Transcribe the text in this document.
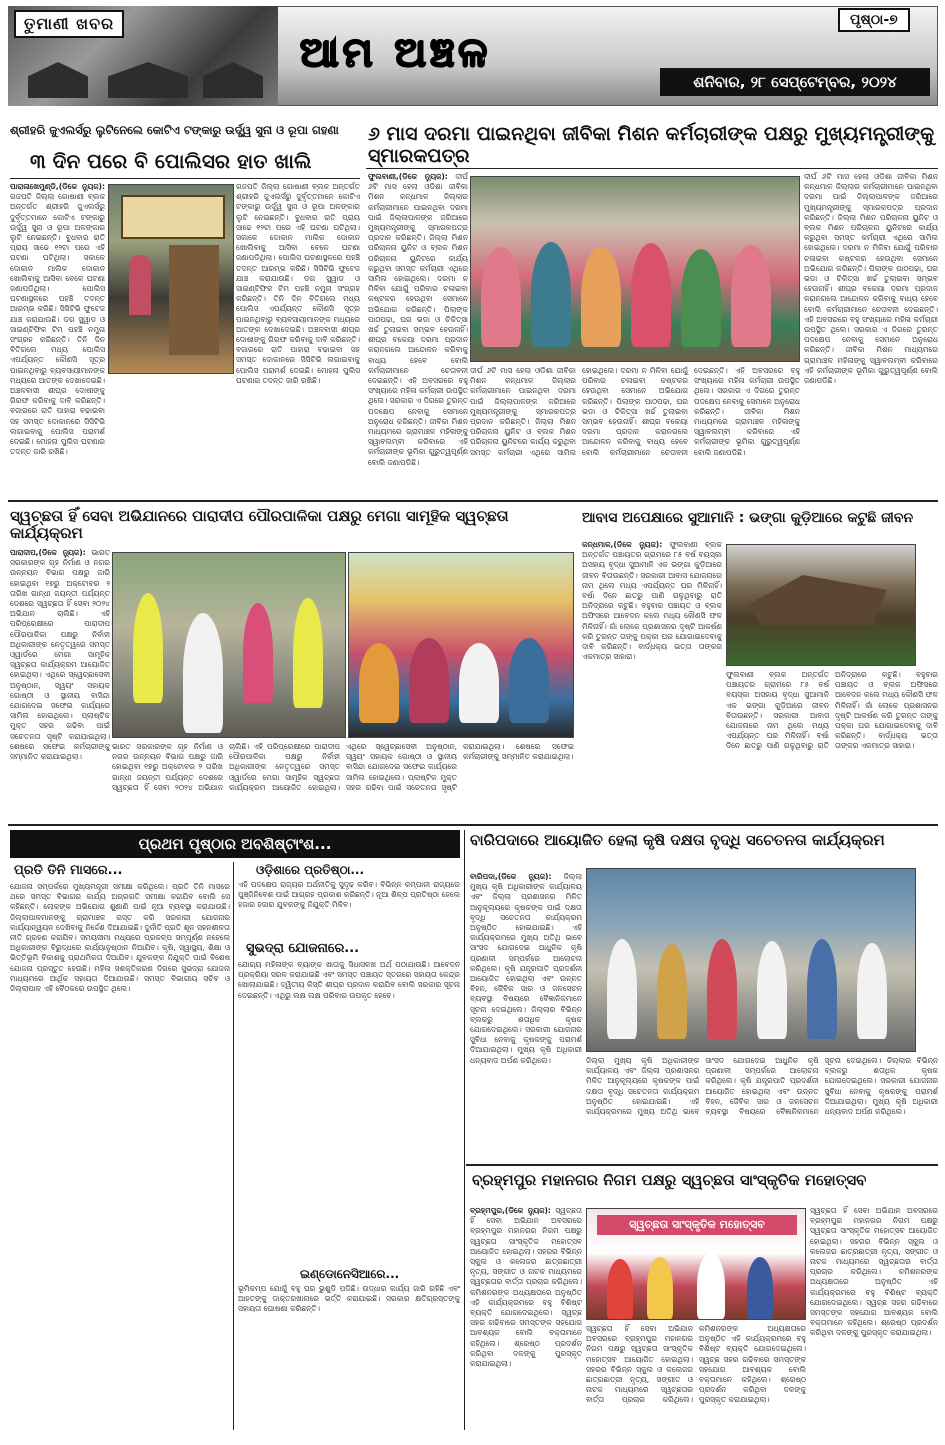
ତୁମାଣୀ ଖବର
ଆମ ଅଞ୍ଚଳ
ପୃଷ୍ଠା-୭
ଶନିବାର, ୨୮ ସେପ୍ଟେମ୍ବର, ୨୦୨୪
ଶ୍ରୀହରି ଜୁଏଲର୍ସରୁ ଲୁଟିନେଲେ କୋଟିଏ ଟଙ୍କାରୁ ଉର୍ଦ୍ଧ୍ୱ ସୁନା ଓ ରୂପା ଗହଣା
୩ ଦିନ ପରେ ବି ପୋଲିସର ହାତ ଖାଲି
ପାରାଳାଖେମୁଣ୍ଡି,(ଡିକେ ନ୍ୟୁଜ): ଗଜପତି ଜିଲ୍ଲା ଗୋଷାଣୀ ବ୍ଲକ ଅନ୍ତର୍ଗତ ଶ୍ରୀହରି ଜୁଏଲର୍ସରୁ ଦୁର୍ବୃତ୍ତମାନେ କୋଟିଏ ଟଙ୍କାରୁ ଉର୍ଦ୍ଧ୍ୱ ସୁନା ଓ ରୂପା ଅଳଙ୍କାର ଲୁଟି ନେଇଛନ୍ତି। ବୁଧବାର ରାତି ପ୍ରାୟ ସାଢେ ୧୨ଟା ପରେ ଏହି ଘଟଣା ଘଟିଥିଲା। ସକାଳେ ଦୋକାନ ମାଲିକ ଦୋକାନ ଖୋଲିବାକୁ ଆସିବା ବେଳେ ଘଟଣା ଜଣାପଡିଥିଲା। ପୋଲିସ ଘଟଣାସ୍ଥଳରେ ପହଞ୍ଚି ତଦନ୍ତ ଆରମ୍ଭ କରିଛି। ସିସିଟିଭି ଫୁଟେଜ ଯାଞ୍ଚ କରାଯାଉଛି। ଡଗ ସ୍କ୍ୱାଡ ଓ ସାଇଣ୍ଟିଫିକ ଟିମ ପହଞ୍ଚି ନମୁନା ସଂଗ୍ରହ କରିଛନ୍ତି। ତିନି ଦିନ ବିତିଗଲେ ମଧ୍ୟ ପୋଲିସ ଏପର୍ଯ୍ୟନ୍ତ କୌଣସି ସୂତ୍ର ପାଇନଥିବାରୁ ବ୍ୟବସାୟୀମାନଙ୍କ ମଧ୍ୟରେ ଆତଙ୍କ ଦେଖାଦେଇଛି। ଅଞ୍ଚଳବାସୀ ଶୀଘ୍ର ଦୋଷୀଙ୍କୁ ଗିରଫ କରିବାକୁ ଦାବି କରିଛନ୍ତି। ବଜାରରେ ରାତି ପାହାରା ବଢାଇବା ସହ ସମସ୍ତ ଦୋକାନରେ ସିସିଟିଭି ଲଗାଇବାକୁ ପୋଲିସ ପରାମର୍ଶ ଦେଇଛି। ମୋହନା ପୁଲିସ ଘଟଣାର ତଦନ୍ତ ଜାରି ରଖିଛି।
ଗଜପତି ଜିଲ୍ଲା ଗୋଷାଣୀ ବ୍ଲକ ଅନ୍ତର୍ଗତ ଶ୍ରୀହରି ଜୁଏଲର୍ସରୁ ଦୁର୍ବୃତ୍ତମାନେ କୋଟିଏ ଟଙ୍କାରୁ ଉର୍ଦ୍ଧ୍ୱ ସୁନା ଓ ରୂପା ଅଳଙ୍କାର ଲୁଟି ନେଇଛନ୍ତି। ବୁଧବାର ରାତି ପ୍ରାୟ ସାଢେ ୧୨ଟା ପରେ ଏହି ଘଟଣା ଘଟିଥିଲା। ସକାଳେ ଦୋକାନ ମାଲିକ ଦୋକାନ ଖୋଲିବାକୁ ଆସିବା ବେଳେ ଘଟଣା ଜଣାପଡିଥିଲା। ପୋଲିସ ଘଟଣାସ୍ଥଳରେ ପହଞ୍ଚି ତଦନ୍ତ ଆରମ୍ଭ କରିଛି। ସିସିଟିଭି ଫୁଟେଜ ଯାଞ୍ଚ କରାଯାଉଛି। ଡଗ ସ୍କ୍ୱାଡ ଓ ସାଇଣ୍ଟିଫିକ ଟିମ ପହଞ୍ଚି ନମୁନା ସଂଗ୍ରହ କରିଛନ୍ତି। ତିନି ଦିନ ବିତିଗଲେ ମଧ୍ୟ ପୋଲିସ ଏପର୍ଯ୍ୟନ୍ତ କୌଣସି ସୂତ୍ର ପାଇନଥିବାରୁ ବ୍ୟବସାୟୀମାନଙ୍କ ମଧ୍ୟରେ ଆତଙ୍କ ଦେଖାଦେଇଛି। ଅଞ୍ଚଳବାସୀ ଶୀଘ୍ର ଦୋଷୀଙ୍କୁ ଗିରଫ କରିବାକୁ ଦାବି କରିଛନ୍ତି। ବଜାରରେ ରାତି ପାହାରା ବଢାଇବା ସହ ସମସ୍ତ ଦୋକାନରେ ସିସିଟିଭି ଲଗାଇବାକୁ ପୋଲିସ ପରାମର୍ଶ ଦେଇଛି। ମୋହନା ପୁଲିସ ଘଟଣାର ତଦନ୍ତ ଜାରି ରଖିଛି।
୬ ମାସ ଦରମା ପାଇନଥିବା ଜୀବିକା ମିଶନ କର୍ମଚାରୀଙ୍କ ପକ୍ଷରୁ ମୁଖ୍ୟମନ୍ତ୍ରୀଙ୍କୁ ସ୍ମାରକପତ୍ର
ଫୁଲବାଣୀ,(ଡିକେ ନ୍ୟୁଜ): ଦୀର୍ଘ ୬ଟି ମାସ ହେଲା ଓଡିଶା ଜୀବିକା ମିଶନ କନ୍ଧମାଳ ଜିଲ୍ଲାର କର୍ମଚାରୀମାନେ ପାଇନଥିବା ଦରମା ପାଇଁ ଜିଲ୍ଲାପାଳଙ୍କ ଜରିଆରେ ମୁଖ୍ୟମନ୍ତ୍ରୀଙ୍କୁ ସ୍ମାରକପତ୍ର ପ୍ରଦାନ କରିଛନ୍ତି। ଜିଲ୍ଲା ମିଶନ ପରିଚାଳନା ୟୁନିଟ ଓ ବ୍ଲକ ମିଶନ ପରିଚାଳନା ୟୁନିଟରେ କାର୍ଯ୍ୟ କରୁଥିବା ସମସ୍ତ କର୍ମଚାରୀ ଏଥିରେ ସାମିଲ ହୋଇଥିଲେ। ଦରମା ନ ମିଳିବା ଯୋଗୁଁ ପରିବାର ଚଳାଇବା କଷ୍ଟକର ହେଉଥିବା ସେମାନେ ଅଭିଯୋଗ କରିଛନ୍ତି। ପିଲାଙ୍କ ପାଠପଢା, ଘର ଭଡା ଓ ଚିକିତ୍ସା ଖର୍ଚ୍ଚ ତୁଲାଇବା ସମ୍ଭବ ହେଉନାହିଁ। ଶୀଘ୍ର ବକେୟା ଦରମା ପ୍ରଦାନ କରାନଗଲେ ଆନ୍ଦୋଳନ କରିବାକୁ ବାଧ୍ୟ ହେବେ ବୋଲି କର୍ମଚାରୀମାନେ ଚେତାବନୀ ଦେଇଛନ୍ତି। ଏହି ଅବସରରେ ବହୁ ସଂଖ୍ୟାରେ ମହିଳା କର୍ମଚାରୀ ଉପସ୍ଥିତ ଥିଲେ। ସରକାର ଏ ଦିଗରେ ତୁରନ୍ତ ପଦକ୍ଷେପ ନେବାକୁ ସେମାନେ ଅନୁରୋଧ କରିଛନ୍ତି। ଜୀବିକା ମିଶନ ମାଧ୍ୟମରେ ଗ୍ରାମାଞ୍ଚଳ ମହିଳାଙ୍କୁ ସ୍ୱାବଲମ୍ବୀ କରିବାରେ ଏହି କର୍ମଚାରୀଙ୍କ ଭୂମିକା ଗୁରୁତ୍ୱପୂର୍ଣ୍ଣ ବୋଲି ଜଣାପଡିଛି।
ଦୀର୍ଘ ୬ଟି ମାସ ହେଲା ଓଡିଶା ଜୀବିକା ମିଶନ କନ୍ଧମାଳ ଜିଲ୍ଲାର କର୍ମଚାରୀମାନେ ପାଇନଥିବା ଦରମା ପାଇଁ ଜିଲ୍ଲାପାଳଙ୍କ ଜରିଆରେ ମୁଖ୍ୟମନ୍ତ୍ରୀଙ୍କୁ ସ୍ମାରକପତ୍ର ପ୍ରଦାନ କରିଛନ୍ତି। ଜିଲ୍ଲା ମିଶନ ପରିଚାଳନା ୟୁନିଟ ଓ ବ୍ଲକ ମିଶନ ପରିଚାଳନା ୟୁନିଟରେ କାର୍ଯ୍ୟ କରୁଥିବା ସମସ୍ତ କର୍ମଚାରୀ ଏଥିରେ ସାମିଲ ହୋଇଥିଲେ। ଦରମା ନ ମିଳିବା ଯୋଗୁଁ ପରିବାର ଚଳାଇବା କଷ୍ଟକର ହେଉଥିବା ସେମାନେ ଅଭିଯୋଗ କରିଛନ୍ତି। ପିଲାଙ୍କ ପାଠପଢା, ଘର ଭଡା ଓ ଚିକିତ୍ସା ଖର୍ଚ୍ଚ ତୁଲାଇବା ସମ୍ଭବ ହେଉନାହିଁ। ଶୀଘ୍ର ବକେୟା ଦରମା ପ୍ରଦାନ କରାନଗଲେ ଆନ୍ଦୋଳନ କରିବାକୁ ବାଧ୍ୟ ହେବେ ବୋଲି କର୍ମଚାରୀମାନେ ଚେତାବନୀ ଦେଇଛନ୍ତି। ଏହି ଅବସରରେ ବହୁ ସଂଖ୍ୟାରେ ମହିଳା କର୍ମଚାରୀ ଉପସ୍ଥିତ ଥିଲେ। ସରକାର ଏ ଦିଗରେ ତୁରନ୍ତ ପଦକ୍ଷେପ ନେବାକୁ ସେମାନେ ଅନୁରୋଧ କରିଛନ୍ତି। ଜୀବିକା ମିଶନ ମାଧ୍ୟମରେ ଗ୍ରାମାଞ୍ଚଳ ମହିଳାଙ୍କୁ ସ୍ୱାବଲମ୍ବୀ କରିବାରେ ଏହି କର୍ମଚାରୀଙ୍କ ଭୂମିକା ଗୁରୁତ୍ୱପୂର୍ଣ୍ଣ ବୋଲି ଜଣାପଡିଛି।
ଦୀର୍ଘ ୬ଟି ମାସ ହେଲା ଓଡିଶା ଜୀବିକା ମିଶନ କନ୍ଧମାଳ ଜିଲ୍ଲାର କର୍ମଚାରୀମାନେ ପାଇନଥିବା ଦରମା ପାଇଁ ଜିଲ୍ଲାପାଳଙ୍କ ଜରିଆରେ ମୁଖ୍ୟମନ୍ତ୍ରୀଙ୍କୁ ସ୍ମାରକପତ୍ର ପ୍ରଦାନ କରିଛନ୍ତି। ଜିଲ୍ଲା ମିଶନ ପରିଚାଳନା ୟୁନିଟ ଓ ବ୍ଲକ ମିଶନ ପରିଚାଳନା ୟୁନିଟରେ କାର୍ଯ୍ୟ କରୁଥିବା ସମସ୍ତ କର୍ମଚାରୀ ଏଥିରେ ସାମିଲ ହୋଇଥିଲେ। ଦରମା ନ ମିଳିବା ଯୋଗୁଁ ପରିବାର ଚଳାଇବା କଷ୍ଟକର ହେଉଥିବା ସେମାନେ ଅଭିଯୋଗ କରିଛନ୍ତି। ପିଲାଙ୍କ ପାଠପଢା, ଘର ଭଡା ଓ ଚିକିତ୍ସା ଖର୍ଚ୍ଚ ତୁଲାଇବା ସମ୍ଭବ ହେଉନାହିଁ। ଶୀଘ୍ର ବକେୟା ଦରମା ପ୍ରଦାନ କରାନଗଲେ ଆନ୍ଦୋଳନ କରିବାକୁ ବାଧ୍ୟ ହେବେ ବୋଲି କର୍ମଚାରୀମାନେ ଚେତାବନୀ ଦେଇଛନ୍ତି। ଏହି ଅବସରରେ ବହୁ ସଂଖ୍ୟାରେ ମହିଳା କର୍ମଚାରୀ ଉପସ୍ଥିତ ଥିଲେ। ସରକାର ଏ ଦିଗରେ ତୁରନ୍ତ ପଦକ୍ଷେପ ନେବାକୁ ସେମାନେ ଅନୁରୋଧ କରିଛନ୍ତି। ଜୀବିକା ମିଶନ ମାଧ୍ୟମରେ ଗ୍ରାମାଞ୍ଚଳ ମହିଳାଙ୍କୁ ସ୍ୱାବଲମ୍ବୀ କରିବାରେ ଏହି କର୍ମଚାରୀଙ୍କ ଭୂମିକା ଗୁରୁତ୍ୱପୂର୍ଣ୍ଣ ବୋଲି ଜଣାପଡିଛି।
ସ୍ୱଚ୍ଛତା ହିଁ ସେବା ଅଭିଯାନରେ ପାରାଦୀପ ପୌରପାଳିକା ପକ୍ଷରୁ ମେଗା ସାମୂହିକ ସ୍ୱଚ୍ଛତା କାର୍ଯ୍ୟକ୍ରମ
ପାରାଦୀପ,(ଡିକେ ନ୍ୟୁଜ): ଭାରତ ସରକାରଙ୍କ ଗୃହ ନିର୍ମାଣ ଓ ନଗର ଉନ୍ନୟନ ବିଭାଗ ପକ୍ଷରୁ ଜାରି ହୋଇଥିବା ୧୭ରୁ ଅକ୍ଟୋବର ୨ ତାରିଖ ଗାନ୍ଧୀ ଜୟନ୍ତୀ ପର୍ଯ୍ୟନ୍ତ ଦେଶରେ ସ୍ୱଚ୍ଛତା ହିଁ ସେବା ୨୦୨୪ ଅଭିଯାନ ଚାଲିଛି। ଏହି ପରିପ୍ରେକ୍ଷୀରେ ପାରାଦୀପ ପୌରପାଳିକା ପକ୍ଷରୁ ନିର୍ବାହୀ ଅଧିକାରୀଙ୍କ ନେତୃତ୍ୱରେ ସମସ୍ତ ଓ୍ୱାର୍ଡରେ ମେଗା ସାମୂହିକ ସ୍ୱଚ୍ଛତା କାର୍ଯ୍ୟକ୍ରମ ଆୟୋଜିତ ହୋଇଥିଲା। ଏଥିରେ ସ୍ୱେଚ୍ଛାସେବୀ ଅନୁଷ୍ଠାନ, ସ୍ୱୟଂ ସହାୟକ ଗୋଷ୍ଠୀ ଓ ସ୍ଥାନୀୟ ବାସିନ୍ଦା ଯୋଗଦେଇ ସଫେଇ କାର୍ଯ୍ୟରେ ସାମିଲ ହୋଇଥିଲେ। ପ୍ଲାଷ୍ଟିକ ମୁକ୍ତ ସହର ଗଢିବା ପାଇଁ ସଚେତନତା ସୃଷ୍ଟି କରାଯାଇଥିଲା। ଶେଷରେ ସଫେଇ କର୍ମଚାରୀଙ୍କୁ ସମ୍ମାନିତ କରାଯାଇଥିଲା।
ଭାରତ ସରକାରଙ୍କ ଗୃହ ନିର୍ମାଣ ଓ ନଗର ଉନ୍ନୟନ ବିଭାଗ ପକ୍ଷରୁ ଜାରି ହୋଇଥିବା ୧୭ରୁ ଅକ୍ଟୋବର ୨ ତାରିଖ ଗାନ୍ଧୀ ଜୟନ୍ତୀ ପର୍ଯ୍ୟନ୍ତ ଦେଶରେ ସ୍ୱଚ୍ଛତା ହିଁ ସେବା ୨୦୨୪ ଅଭିଯାନ ଚାଲିଛି। ଏହି ପରିପ୍ରେକ୍ଷୀରେ ପାରାଦୀପ ପୌରପାଳିକା ପକ୍ଷରୁ ନିର୍ବାହୀ ଅଧିକାରୀଙ୍କ ନେତୃତ୍ୱରେ ସମସ୍ତ ଓ୍ୱାର୍ଡରେ ମେଗା ସାମୂହିକ ସ୍ୱଚ୍ଛତା କାର୍ଯ୍ୟକ୍ରମ ଆୟୋଜିତ ହୋଇଥିଲା। ଏଥିରେ ସ୍ୱେଚ୍ଛାସେବୀ ଅନୁଷ୍ଠାନ, ସ୍ୱୟଂ ସହାୟକ ଗୋଷ୍ଠୀ ଓ ସ୍ଥାନୀୟ ବାସିନ୍ଦା ଯୋଗଦେଇ ସଫେଇ କାର୍ଯ୍ୟରେ ସାମିଲ ହୋଇଥିଲେ। ପ୍ଲାଷ୍ଟିକ ମୁକ୍ତ ସହର ଗଢିବା ପାଇଁ ସଚେତନତା ସୃଷ୍ଟି କରାଯାଇଥିଲା। ଶେଷରେ ସଫେଇ କର୍ମଚାରୀଙ୍କୁ ସମ୍ମାନିତ କରାଯାଇଥିଲା।
ଆବାସ ଅପେକ୍ଷାରେ ସୁଆମାନି : ଭଙ୍ଗା କୁଡ଼ିଆରେ କଟୁଛି ଜୀବନ
କନ୍ଧମାଳ,(ଡିକେ ନ୍ୟୁଜ): ଫୁଲବାଣୀ ବ୍ଲକ ଅନ୍ତର୍ଗତ ପଞ୍ଚାୟତର ଗ୍ରାମରେ ୮୫ ବର୍ଷ ବୟସ୍କା ଅସହାୟ ବୃଦ୍ଧା ସୁଆମାନି ଏକ ଭଙ୍ଗା କୁଡ଼ିଆରେ ଜୀବନ ବିତାଉଛନ୍ତି। ସରକାରୀ ଆବାସ ଯୋଜନାରେ ନାମ ଥିଲେ ମଧ୍ୟ ଏପର୍ଯ୍ୟନ୍ତ ଘର ମିଳିନାହିଁ। ବର୍ଷା ଦିନେ ଛାତରୁ ପାଣି ଗଳୁଥିବାରୁ ରାତି ଅନିଦ୍ରାରେ କଟୁଛି। ବହୁବାର ପଞ୍ଚାୟତ ଓ ବ୍ଲକ ଅଫିସରେ ଆବେଦନ କଲେ ମଧ୍ୟ କୌଣସି ଫଳ ମିଳିନାହିଁ। ଗାଁ ଲୋକେ ପ୍ରଶାସନର ଦୃଷ୍ଟି ଆକର୍ଷଣ କରି ତୁରନ୍ତ ତାଙ୍କୁ ପକ୍କା ଘର ଯୋଗାଇଦେବାକୁ ଦାବି କରିଛନ୍ତି। ବାର୍ଦ୍ଧକ୍ୟ ଭତ୍ତା ତାଙ୍କର ଏକମାତ୍ର ସାହାରା।
ଫୁଲବାଣୀ ବ୍ଲକ ଅନ୍ତର୍ଗତ ପଞ୍ଚାୟତର ଗ୍ରାମରେ ୮୫ ବର୍ଷ ବୟସ୍କା ଅସହାୟ ବୃଦ୍ଧା ସୁଆମାନି ଏକ ଭଙ୍ଗା କୁଡ଼ିଆରେ ଜୀବନ ବିତାଉଛନ୍ତି। ସରକାରୀ ଆବାସ ଯୋଜନାରେ ନାମ ଥିଲେ ମଧ୍ୟ ଏପର୍ଯ୍ୟନ୍ତ ଘର ମିଳିନାହିଁ। ବର୍ଷା ଦିନେ ଛାତରୁ ପାଣି ଗଳୁଥିବାରୁ ରାତି ଅନିଦ୍ରାରେ କଟୁଛି। ବହୁବାର ପଞ୍ଚାୟତ ଓ ବ୍ଲକ ଅଫିସରେ ଆବେଦନ କଲେ ମଧ୍ୟ କୌଣସି ଫଳ ମିଳିନାହିଁ। ଗାଁ ଲୋକେ ପ୍ରଶାସନର ଦୃଷ୍ଟି ଆକର୍ଷଣ କରି ତୁରନ୍ତ ତାଙ୍କୁ ପକ୍କା ଘର ଯୋଗାଇଦେବାକୁ ଦାବି କରିଛନ୍ତି। ବାର୍ଦ୍ଧକ୍ୟ ଭତ୍ତା ତାଙ୍କର ଏକମାତ୍ର ସାହାରା।
ପ୍ରଥମ ପୃଷ୍ଠାର ଅବଶିଷ୍ଟାଂଶ...
ପ୍ରତି ତିନି ମାସରେ...
ଯୋଜନା ସମ୍ପର୍କରେ ମୁଖ୍ୟମନ୍ତ୍ରୀ ସମୀକ୍ଷା କରିଥିଲେ। ପ୍ରତି ତିନି ମାସରେ ଥରେ ସମସ୍ତ ବିଭାଗର କାର୍ଯ୍ୟ ଅଗ୍ରଗତି ସମୀକ୍ଷା କରାଯିବ ବୋଲି ସେ କହିଛନ୍ତି। ଲୋକଙ୍କ ଅଭିଯୋଗ ଶୁଣାଣି ପାଇଁ ନୂଆ ବ୍ୟବସ୍ଥା କରାଯାଉଛି। ଜିଲ୍ଲାପାଳମାନଙ୍କୁ ଗ୍ରାମାଞ୍ଚଳ ଗସ୍ତ କରି ସରକାରୀ ଯୋଜନାର କାର୍ଯ୍ୟାନ୍ୱୟନ ଦେଖିବାକୁ ନିର୍ଦ୍ଦେଶ ଦିଆଯାଇଛି। ଦୁର୍ନୀତି ପ୍ରତି ଶୂନ ସହନଶୀଳତା ନୀତି ଗ୍ରହଣ କରାଯିବ। ସମୟସୀମା ମଧ୍ୟରେ ପ୍ରକଳ୍ପ ସମ୍ପୂର୍ଣ୍ଣ ନହେଲେ ଅଧିକାରୀଙ୍କ ବିରୁଦ୍ଧରେ କାର୍ଯ୍ୟାନୁଷ୍ଠାନ ନିଆଯିବ। କୃଷି, ସ୍ୱାସ୍ଥ୍ୟ, ଶିକ୍ଷା ଓ ଭିତ୍ତିଭୂମି ବିକାଶକୁ ପ୍ରାଥମିକତା ଦିଆଯିବ। ଯୁବକଙ୍କ ନିଯୁକ୍ତି ପାଇଁ ବିଶେଷ ଯୋଜନା ପ୍ରସ୍ତୁତ ହେଉଛି। ମହିଳା ସଶକ୍ତିକରଣ ଦିଗରେ ସୁଭଦ୍ରା ଯୋଜନା ମାଧ୍ୟମରେ ଆର୍ଥିକ ସହାୟତା ଦିଆଯାଉଛି। ସମସ୍ତ ବିଭାଗୀୟ ସଚିବ ଓ ଜିଲ୍ଲାପାଳ ଏହି ବୈଠକରେ ଉପସ୍ଥିତ ଥିଲେ।
ଓଡ଼ିଶାରେ ପ୍ରତିଷ୍ଠା...
ଏହି ପଦକ୍ଷେପ ରାଜ୍ୟର ଅର୍ଥନୀତିକୁ ସୁଦୃଢ କରିବ। ବିଭିନ୍ନ କମ୍ପାନୀ ରାଜ୍ୟରେ ପୁଞ୍ଜିନିବେଶ ପାଇଁ ଆଗ୍ରହ ପ୍ରକାଶ କରିଛନ୍ତି। ନୂଆ ଶିଳ୍ପ ପ୍ରତିଷ୍ଠା ହେଲେ ହଜାର ହଜାର ଯୁବକଙ୍କୁ ନିଯୁକ୍ତି ମିଳିବ।
ସୁଭଦ୍ରା ଯୋଜନାରେ...
ଯୋଗ୍ୟ ମହିଳାଙ୍କ ବ୍ୟାଙ୍କ ଖାତାକୁ ସିଧାସଳଖ ଅର୍ଥ ପଠାଯାଉଛି। ଆବେଦନ ପ୍ରକ୍ରିୟା ସରଳ କରାଯାଇଛି ଏବଂ ସମସ୍ତ ପଞ୍ଚାୟତ ସ୍ତରରେ ସହାୟତା କେନ୍ଦ୍ର ଖୋଲାଯାଇଛି। ଦ୍ୱିତୀୟ କିସ୍ତି ଶୀଘ୍ର ପ୍ରଦାନ କରାଯିବ ବୋଲି ସରକାର ସୂଚନା ଦେଇଛନ୍ତି। ଏଥିରୁ ଲକ୍ଷ ଲକ୍ଷ ପରିବାର ଉପକୃତ ହେବେ।
ଇଣ୍ଡୋନେସିଆରେ...
ଭୂମିକମ୍ପ ଯୋଗୁଁ ବହୁ ଘର ଭୁଶୁଡି ପଡିଛି। ଉଦ୍ଧାର କାର୍ଯ୍ୟ ଜାରି ରହିଛି ଏବଂ ଆହତଙ୍କୁ ଡାକ୍ତରଖାନାରେ ଭର୍ତ୍ତି କରାଯାଇଛି। ସରକାର କ୍ଷତିଗ୍ରସ୍ତଙ୍କୁ ସହାୟତା ଘୋଷଣା କରିଛନ୍ତି।
ବାରିପଦାରେ ଆୟୋଜିତ ହେଲା କୃଷି ଦକ୍ଷତା ବୃଦ୍ଧି ସଚେତନତା କାର୍ଯ୍ୟକ୍ରମ
ବାରିପଦା,(ଡିକେ ନ୍ୟୁଜ): ଜିଲ୍ଲା ମୁଖ୍ୟ କୃଷି ଅଧିକାରୀଙ୍କ କାର୍ଯ୍ୟାଳୟ ଏବଂ ଜିଲ୍ଲା ପ୍ରଶାସନର ମିଳିତ ଆନୁକୂଲ୍ୟରେ କୃଷକଙ୍କ ପାଇଁ ଦକ୍ଷତା ବୃଦ୍ଧି ସଚେତନତା କାର୍ଯ୍ୟକ୍ରମ ଅନୁଷ୍ଠିତ ହୋଇଯାଇଛି। ଏହି କାର୍ଯ୍ୟକ୍ରମରେ ମୁଖ୍ୟ ଅତିଥି ଭାବେ ସାଂସଦ ଯୋଗଦେଇ ଆଧୁନିକ କୃଷି ପ୍ରଣାଳୀ ସମ୍ପର୍କରେ ଆଲୋଚନା କରିଥିଲେ। କୃଷି ଯନ୍ତ୍ରପାତି ପ୍ରଦର୍ଶନୀ ଆୟୋଜିତ ହୋଇଥିଲା ଏବଂ ଉନ୍ନତ ବିହନ, ଜୈବିକ ସାର ଓ ଜଳସେଚନ ବ୍ୟବସ୍ଥା ବିଷୟରେ ବୈଜ୍ଞାନିକମାନେ ସୂଚନା ଦେଇଥିଲେ। ଜିଲ୍ଲାର ବିଭିନ୍ନ ବ୍ଲକରୁ ଶତାଧିକ କୃଷକ ଯୋଗଦେଇଥିଲେ। ସରକାରୀ ଯୋଜନାର ସୁବିଧା ନେବାକୁ କୃଷକଙ୍କୁ ପରାମର୍ଶ ଦିଆଯାଇଥିଲା। ମୁଖ୍ୟ କୃଷି ଅଧିକାରୀ ଧନ୍ୟବାଦ ଅର୍ପଣ କରିଥିଲେ।	ଜିଲ୍ଲା ମୁଖ୍ୟ କୃଷି ଅଧିକାରୀଙ୍କ କାର୍ଯ୍ୟାଳୟ ଏବଂ ଜିଲ୍ଲା ପ୍ରଶାସନର ମିଳିତ ଆନୁକୂଲ୍ୟରେ କୃଷକଙ୍କ ପାଇଁ ଦକ୍ଷତା ବୃଦ୍ଧି ସଚେତନତା କାର୍ଯ୍ୟକ୍ରମ ଅନୁଷ୍ଠିତ ହୋଇଯାଇଛି। ଏହି କାର୍ଯ୍ୟକ୍ରମରେ ମୁଖ୍ୟ ଅତିଥି ଭାବେ ସାଂସଦ ଯୋଗଦେଇ ଆଧୁନିକ କୃଷି ପ୍ରଣାଳୀ ସମ୍ପର୍କରେ ଆଲୋଚନା କରିଥିଲେ। କୃଷି ଯନ୍ତ୍ରପାତି ପ୍ରଦର୍ଶନୀ ଆୟୋଜିତ ହୋଇଥିଲା ଏବଂ ଉନ୍ନତ ବିହନ, ଜୈବିକ ସାର ଓ ଜଳସେଚନ ବ୍ୟବସ୍ଥା ବିଷୟରେ ବୈଜ୍ଞାନିକମାନେ ସୂଚନା ଦେଇଥିଲେ। ଜିଲ୍ଲାର ବିଭିନ୍ନ ବ୍ଲକରୁ ଶତାଧିକ କୃଷକ ଯୋଗଦେଇଥିଲେ। ସରକାରୀ ଯୋଜନାର ସୁବିଧା ନେବାକୁ କୃଷକଙ୍କୁ ପରାମର୍ଶ ଦିଆଯାଇଥିଲା। ମୁଖ୍ୟ କୃଷି ଅଧିକାରୀ ଧନ୍ୟବାଦ ଅର୍ପଣ କରିଥିଲେ।
ବ୍ରହ୍ମପୁର ମହାନଗର ନିଗମ ପକ୍ଷରୁ ସ୍ୱଚ୍ଛତା ସାଂସ୍କୃତିକ ମହୋତ୍ସବ
ବ୍ରହ୍ମପୁର,(ଡିକେ ନ୍ୟୁଜ): ସ୍ୱଚ୍ଛତା ହିଁ ସେବା ଅଭିଯାନ ଅବସରରେ ବ୍ରହ୍ମପୁର ମହାନଗର ନିଗମ ପକ୍ଷରୁ ସ୍ୱଚ୍ଛତା ସାଂସ୍କୃତିକ ମହୋତ୍ସବ ଆୟୋଜିତ ହୋଇଥିଲା। ସହରର ବିଭିନ୍ନ ସ୍କୁଲ ଓ କଲେଜର ଛାତ୍ରଛାତ୍ରୀ ନୃତ୍ୟ, ସଙ୍ଗୀତ ଓ ନାଟକ ମାଧ୍ୟମରେ ସ୍ୱଚ୍ଛତାର ବାର୍ତ୍ତା ପ୍ରଚାର କରିଥିଲେ। କମିଶନରଙ୍କ ଅଧ୍ୟକ୍ଷତାରେ ଅନୁଷ୍ଠିତ ଏହି କାର୍ଯ୍ୟକ୍ରମରେ ବହୁ ବିଶିଷ୍ଟ ବ୍ୟକ୍ତି ଯୋଗଦେଇଥିଲେ। ସ୍ୱଚ୍ଛ ସହର ଗଢିବାରେ ସମସ୍ତଙ୍କ ସହଯୋଗ ଆବଶ୍ୟକ ବୋଲି ବକ୍ତାମାନେ କହିଥିଲେ। ଶ୍ରେଷ୍ଠ ପ୍ରଦର୍ଶନ କରିଥିବା ଦଳଙ୍କୁ ପୁରସ୍କୃତ କରାଯାଇଥିଲା।
ସ୍ୱଚ୍ଛତା ସାଂସ୍କୃତିକ ମହୋତ୍ସବ
ସ୍ୱଚ୍ଛତା ହିଁ ସେବା ଅଭିଯାନ ଅବସରରେ ବ୍ରହ୍ମପୁର ମହାନଗର ନିଗମ ପକ୍ଷରୁ ସ୍ୱଚ୍ଛତା ସାଂସ୍କୃତିକ ମହୋତ୍ସବ ଆୟୋଜିତ ହୋଇଥିଲା। ସହରର ବିଭିନ୍ନ ସ୍କୁଲ ଓ କଲେଜର ଛାତ୍ରଛାତ୍ରୀ ନୃତ୍ୟ, ସଙ୍ଗୀତ ଓ ନାଟକ ମାଧ୍ୟମରେ ସ୍ୱଚ୍ଛତାର ବାର୍ତ୍ତା ପ୍ରଚାର କରିଥିଲେ। କମିଶନରଙ୍କ ଅଧ୍ୟକ୍ଷତାରେ ଅନୁଷ୍ଠିତ ଏହି କାର୍ଯ୍ୟକ୍ରମରେ ବହୁ ବିଶିଷ୍ଟ ବ୍ୟକ୍ତି ଯୋଗଦେଇଥିଲେ। ସ୍ୱଚ୍ଛ ସହର ଗଢିବାରେ ସମସ୍ତଙ୍କ ସହଯୋଗ ଆବଶ୍ୟକ ବୋଲି ବକ୍ତାମାନେ କହିଥିଲେ। ଶ୍ରେଷ୍ଠ ପ୍ରଦର୍ଶନ କରିଥିବା ଦଳଙ୍କୁ ପୁରସ୍କୃତ କରାଯାଇଥିଲା।
ସ୍ୱଚ୍ଛତା ହିଁ ସେବା ଅଭିଯାନ ଅବସରରେ ବ୍ରହ୍ମପୁର ମହାନଗର ନିଗମ ପକ୍ଷରୁ ସ୍ୱଚ୍ଛତା ସାଂସ୍କୃତିକ ମହୋତ୍ସବ ଆୟୋଜିତ ହୋଇଥିଲା। ସହରର ବିଭିନ୍ନ ସ୍କୁଲ ଓ କଲେଜର ଛାତ୍ରଛାତ୍ରୀ ନୃତ୍ୟ, ସଙ୍ଗୀତ ଓ ନାଟକ ମାଧ୍ୟମରେ ସ୍ୱଚ୍ଛତାର ବାର୍ତ୍ତା ପ୍ରଚାର କରିଥିଲେ। କମିଶନରଙ୍କ ଅଧ୍ୟକ୍ଷତାରେ ଅନୁଷ୍ଠିତ ଏହି କାର୍ଯ୍ୟକ୍ରମରେ ବହୁ ବିଶିଷ୍ଟ ବ୍ୟକ୍ତି ଯୋଗଦେଇଥିଲେ। ସ୍ୱଚ୍ଛ ସହର ଗଢିବାରେ ସମସ୍ତଙ୍କ ସହଯୋଗ ଆବଶ୍ୟକ ବୋଲି ବକ୍ତାମାନେ କହିଥିଲେ। ଶ୍ରେଷ୍ଠ ପ୍ରଦର୍ଶନ କରିଥିବା ଦଳଙ୍କୁ ପୁରସ୍କୃତ କରାଯାଇଥିଲା।
